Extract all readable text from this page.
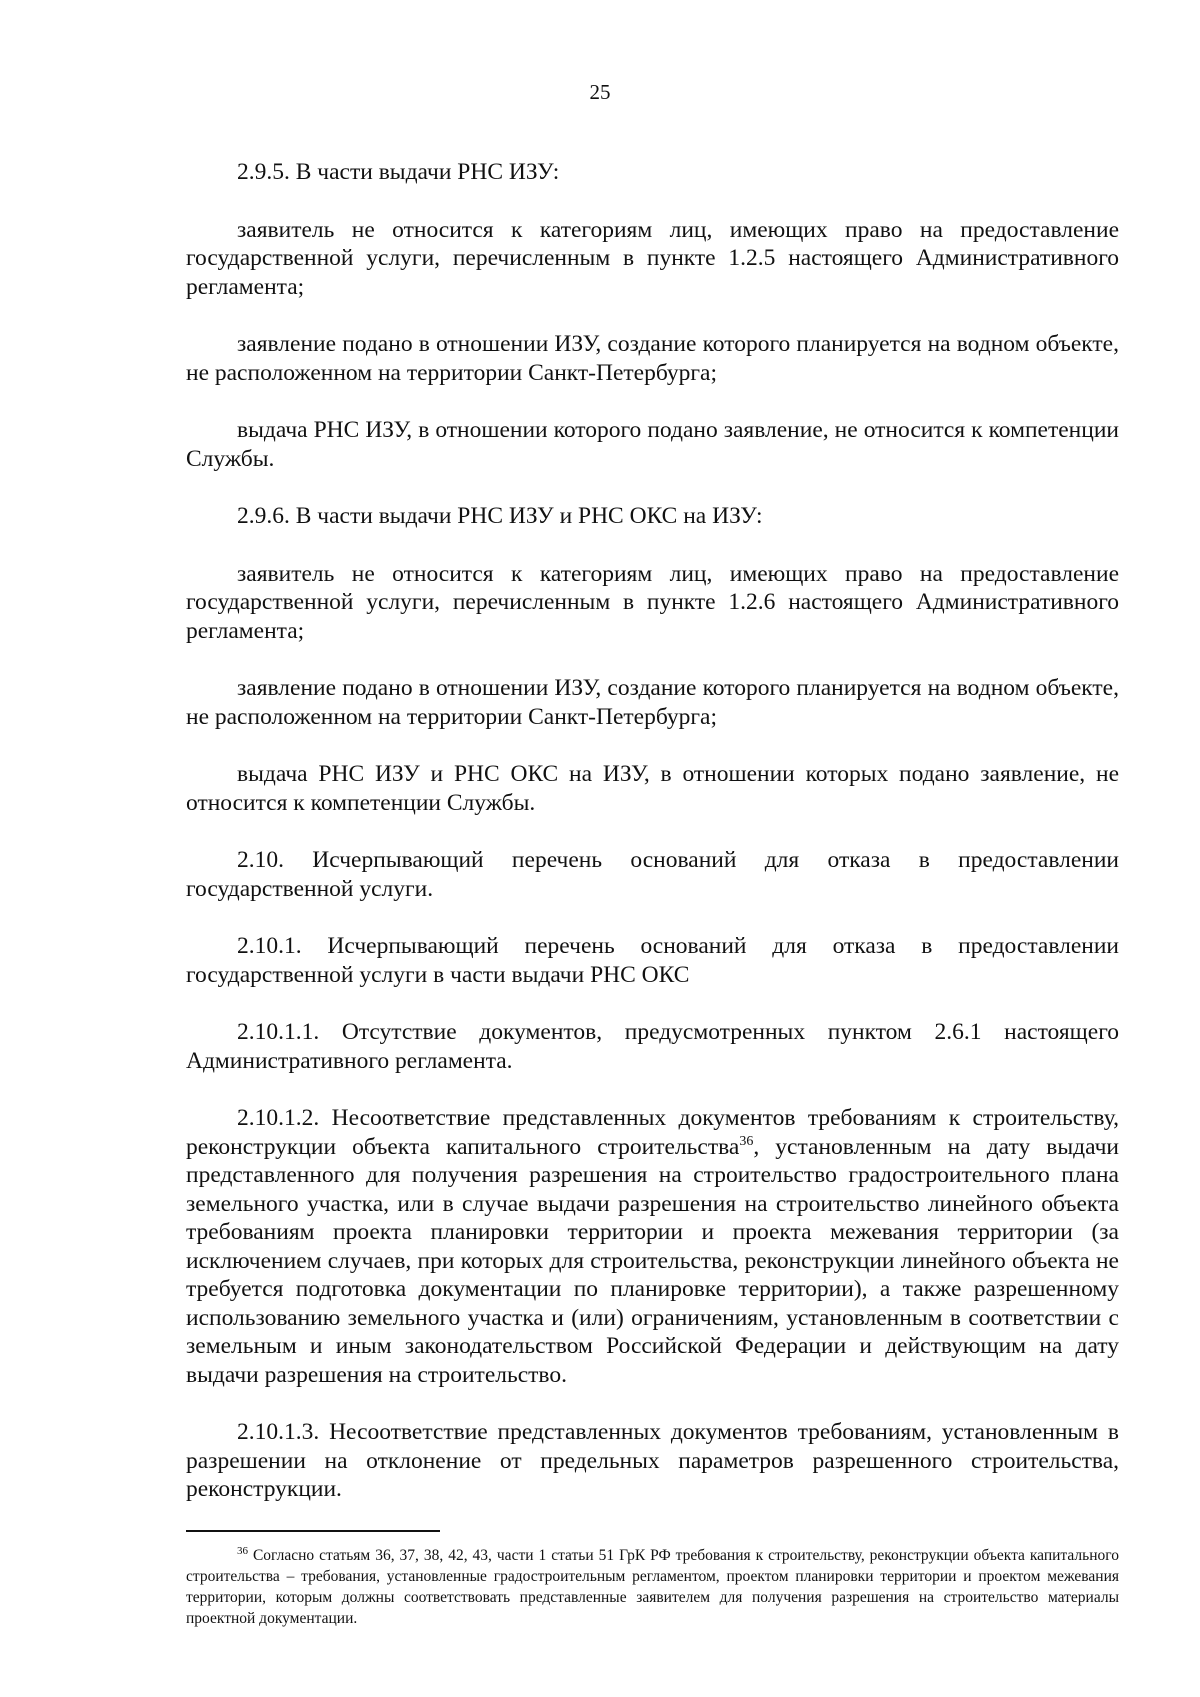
25

2.9.5. В части выдачи РНС ИЗУ:

заявитель не относится к категориям лиц, имеющих право на предоставление государственной услуги, перечисленным в пункте 1.2.5 настоящего Административного регламента;

заявление подано в отношении ИЗУ, создание которого планируется на водном объекте, не расположенном на территории Санкт-Петербурга;

выдача РНС ИЗУ, в отношении которого подано заявление, не относится к компетенции Службы.

2.9.6. В части выдачи РНС ИЗУ и РНС ОКС на ИЗУ:

заявитель не относится к категориям лиц, имеющих право на предоставление государственной услуги, перечисленным в пункте 1.2.6 настоящего Административного регламента;

заявление подано в отношении ИЗУ, создание которого планируется на водном объекте, не расположенном на территории Санкт-Петербурга;

выдача РНС ИЗУ и РНС ОКС на ИЗУ, в отношении которых подано заявление, не относится к компетенции Службы.

2.10. Исчерпывающий перечень оснований для отказа в предоставлении государственной услуги.

2.10.1. Исчерпывающий перечень оснований для отказа в предоставлении государственной услуги в части выдачи РНС ОКС

2.10.1.1. Отсутствие документов, предусмотренных пунктом 2.6.1 настоящего Административного регламента.

2.10.1.2. Несоответствие представленных документов требованиям к строительству, реконструкции объекта капитального строительства$^{36}$, установленным на дату выдачи представленного для получения разрешения на строительство градостроительного плана земельного участка, или в случае выдачи разрешения на строительство линейного объекта требованиям проекта планировки территории и проекта межевания территории (за исключением случаев, при которых для строительства, реконструкции линейного объекта не требуется подготовка документации по планировке территории), а также разрешенному использованию земельного участка и (или) ограничениям, установленным в соответствии с земельным и иным законодательством Российской Федерации и действующим на дату выдачи разрешения на строительство.

2.10.1.3. Несоответствие представленных документов требованиям, установленным в разрешении на отклонение от предельных параметров разрешенного строительства, реконструкции.

$^{36}$ Согласно статьям 36, 37, 38, 42, 43, части 1 статьи 51 ГрК РФ требования к строительству, реконструкции объекта капитального строительства – требования, установленные градостроительным регламентом, проектом планировки территории и проектом межевания территории, которым должны соответствовать представленные заявителем для получения разрешения на строительство материалы проектной документации.
